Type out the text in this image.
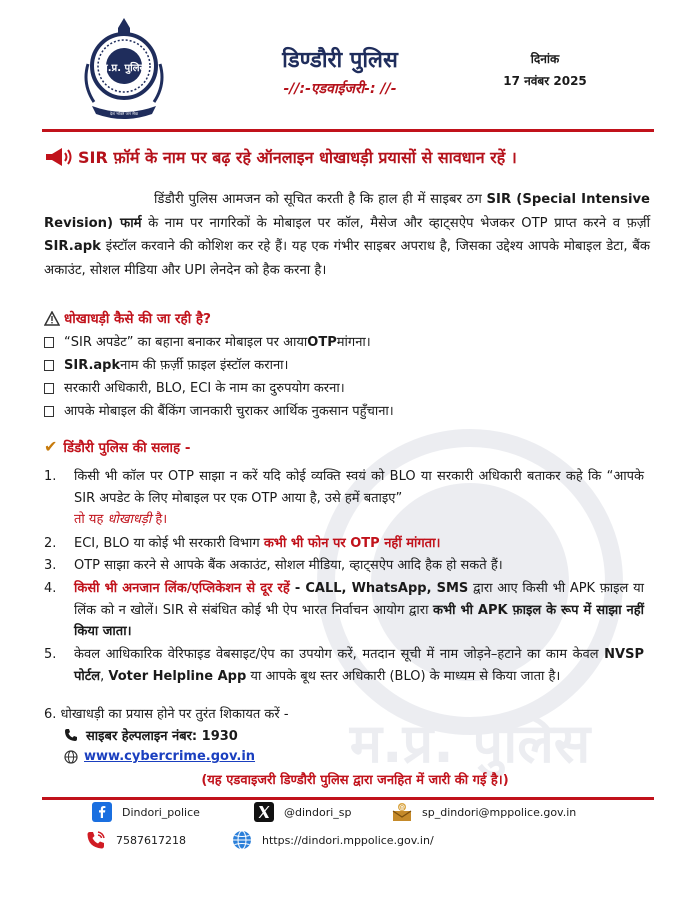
म.प्र. पुलिस
म.प्र. पुलिस
देश भक्ति जन सेवा
डिण्डौरी पुलिस
-//:-एडवाईजरी-: //-
दिनांक
17 नवंबर 2025
SIR फ़ॉर्म के नाम पर बढ़ रहे ऑनलाइन धोखाधड़ी प्रयासों से सावधान रहें ।

डिंडौरी पुलिस आमजन को सूचित करती है कि हाल ही में साइबर ठग SIR (Special Intensive Revision) फार्म के नाम पर नागरिकों के मोबाइल पर कॉल, मैसेज और व्हाट्सऐप भेजकर OTP प्राप्त करने व फ़र्ज़ी SIR.apk इंस्टॉल करवाने की कोशिश कर रहे हैं। यह एक गंभीर साइबर अपराध है, जिसका उद्देश्य आपके मोबाइल डेटा, बैंक अकाउंट, सोशल मीडिया और UPI लेनदेन को हैक करना है।

धोखाधड़ी कैसे की जा रही है?
“SIR अपडेट” का बहाना बनाकर मोबाइल पर आया OTP मांगना।
SIR.apk नाम की फ़र्ज़ी फ़ाइल इंस्टॉल कराना।
सरकारी अधिकारी, BLO, ECI के नाम का दुरुपयोग करना।
आपके मोबाइल की बैंकिंग जानकारी चुराकर आर्थिक नुकसान पहुँचाना।
✔ डिंडौरी पुलिस की सलाह -
1.	किसी भी कॉल पर OTP साझा न करें यदि कोई व्यक्ति स्वयं को BLO या सरकारी अधिकारी बताकर कहे कि “आपके SIR अपडेट के लिए मोबाइल पर एक OTP आया है, उसे हमें बताइए”
तो यह धोखाधड़ी है।
2.	ECI, BLO या कोई भी सरकारी विभाग कभी भी फोन पर OTP नहीं मांगता।
3.	OTP साझा करने से आपके बैंक अकाउंट, सोशल मीडिया, व्हाट्सऐप आदि हैक हो सकते हैं।
4.	किसी भी अनजान लिंक/एप्लिकेशन से दूर रहें - CALL, WhatsApp, SMS द्वारा आए किसी भी APK फ़ाइल या लिंक को न खोलें। SIR से संबंधित कोई भी ऐप भारत निर्वाचन आयोग द्वारा कभी भी APK फ़ाइल के रूप में साझा नहीं किया जाता।
5.	केवल आधिकारिक वेरिफाइड वेबसाइट/ऐप का उपयोग करें, मतदान सूची में नाम जोड़ने–हटाने का काम केवल NVSP पोर्टल, Voter Helpline App या आपके बूथ स्तर अधिकारी (BLO) के माध्यम से किया जाता है।
6. धोखाधड़ी का प्रयास होने पर तुरंत शिकायत करें -
साइबर हेल्पलाइन नंबर: 1930
www.cybercrime.gov.in
(यह एडवाइजरी डिण्डौरी पुलिस द्वारा जनहित में जारी की गई है।)
Dindori_police	@dindori_sp	@ sp_dindori@mppolice.gov.in
7587617218	https://dindori.mppolice.gov.in/
